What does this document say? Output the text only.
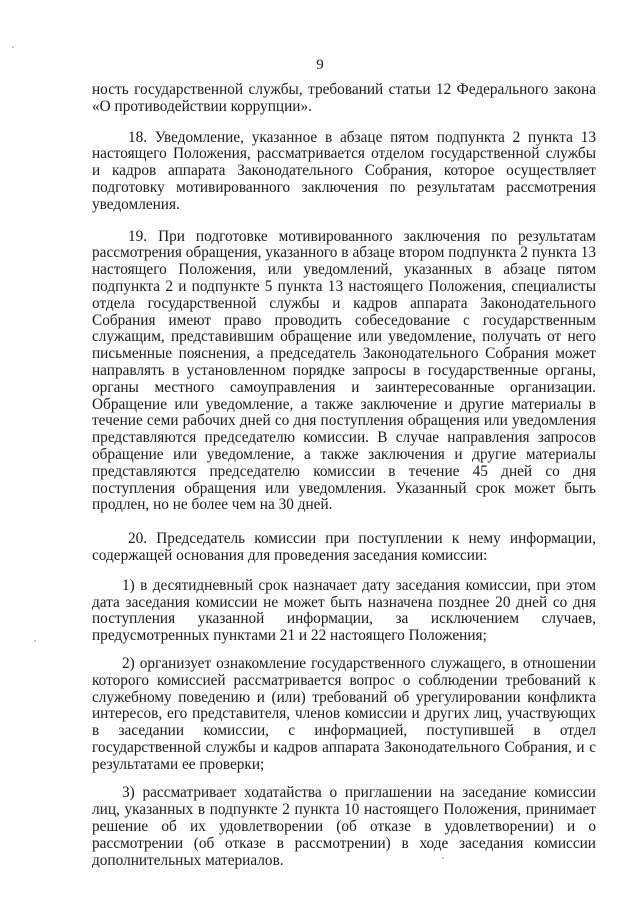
9

ность государственной службы, требований статьи 12 Федерального закона «О противодействии коррупции».

18. Уведомление, указанное в абзаце пятом подпункта 2 пункта 13 настоящего Положения, рассматривается отделом государственной службы и кадров аппарата Законодательного Собрания, которое осуществляет подготовку мотивированного заключения по результатам рассмотрения уведомления.

19. При подготовке мотивированного заключения по результатам рассмотрения обращения, указанного в абзаце втором подпункта 2 пункта 13 настоящего Положения, или уведомлений, указанных в абзаце пятом подпункта 2 и подпункте 5 пункта 13 настоящего Положения, специалисты отдела государственной службы и кадров аппарата Законодательного Собрания имеют право проводить собеседование с государственным служащим, представившим обращение или уведомление, получать от него письменные пояснения, а председатель Законодательного Собрания может направлять в установленном порядке запросы в государственные органы, органы местного самоуправления и заинтересованные организации. Обращение или уведомление, а также заключение и другие материалы в течение семи рабочих дней со дня поступления обращения или уведомления представляются председателю комиссии. В случае направления запросов обращение или уведомление, а также заключения и другие материалы представляются председателю комиссии в течение 45 дней со дня поступления обращения или уведомления. Указанный срок может быть продлен, но не более чем на 30 дней.

20. Председатель комиссии при поступлении к нему информации, содержащей основания для проведения заседания комиссии:

1) в десятидневный срок назначает дату заседания комиссии, при этом дата заседания комиссии не может быть назначена позднее 20 дней со дня поступления указанной информации, за исключением случаев, предусмотренных пунктами 21 и 22 настоящего Положения;

2) организует ознакомление государственного служащего, в отношении которого комиссией рассматривается вопрос о соблюдении требований к служебному поведению и (или) требований об урегулировании конфликта интересов, его представителя, членов комиссии и других лиц, участвующих в заседании комиссии, с информацией, поступившей в отдел государственной службы и кадров аппарата Законодательного Собрания, и с результатами ее проверки;

3) рассматривает ходатайства о приглашении на заседание комиссии лиц, указанных в подпункте 2 пункта 10 настоящего Положения, принимает решение об их удовлетворении (об отказе в удовлетворении) и о рассмотрении (об отказе в рассмотрении) в ходе заседания комиссии дополнительных материалов.
